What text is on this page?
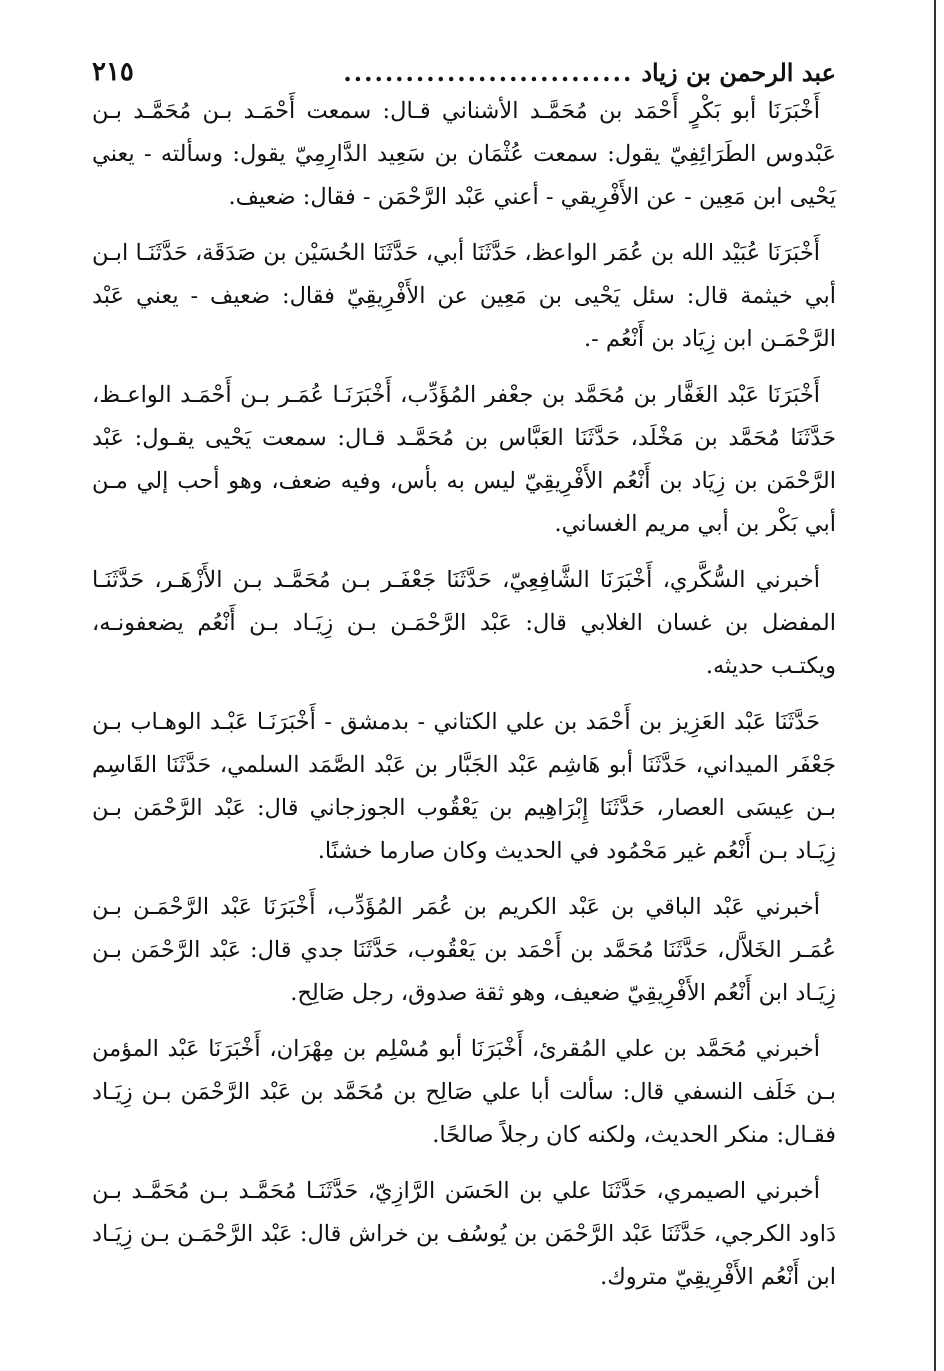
عبد الرحمن بن زياد
............................
٢١٥

أَخْبَرَنَا أبو بَكْرٍ أَحْمَد بن مُحَمَّـد الأشناني قـال: سمعت أَحْمَـد بـن مُحَمَّـد بـن عَبْدوس الطَرَائِفِيّ يقول: سمعت عُثْمَان بن سَعِيد الدَّارِمِيّ يقول: وسألته - يعني يَحْيى ابن مَعِين - عن الأَفْرِيقي - أعني عَبْد الرَّحْمَن - فقال: ضعيف.

أَخْبَرَنَا عُبَيْد الله بن عُمَر الواعظ، حَدَّثَنَا أبي، حَدَّثَنَا الحُسَيْن بن صَدَقَة، حَدَّثَنَـا ابـن أبي خيثمة قال: سئل يَحْيى بن مَعِين عن الأَفْرِيقِيّ فقال: ضعيف - يعني عَبْد الرَّحْمَـن ابن زِيَاد بن أَنْعُم -.

أَخْبَرَنَا عَبْد الغَفَّار بن مُحَمَّد بن جعْفر المُؤَدِّب، أَخْبَرَنَـا عُمَـر بـن أَحْمَـد الواعـظ، حَدَّثَنَا مُحَمَّد بن مَخْلَد، حَدَّثَنَا العَبَّاس بن مُحَمَّـد قـال: سمعت يَحْيى يقـول: عَبْد الرَّحْمَن بن زِيَاد بن أَنْعُم الأَفْرِيقِيّ ليس به بأس، وفيه ضعف، وهو أحب إلي مـن أبي بَكْر بن أبي مريم الغساني.

أخبرني السُّكَّري، أَخْبَرَنَا الشَّافِعِيّ، حَدَّثَنَا جَعْفَـر بـن مُحَمَّـد بـن الأَزْهَـر، حَدَّثَنَـا المفضل بن غسان الغلابي قال: عَبْد الرَّحْمَـن بـن زِيَـاد بـن أَنْعُم يضعفونـه، ويكتـب حديثه.

حَدَّثَنَا عَبْد العَزِيز بن أَحْمَد بن علي الكتاني - بدمشق - أَخْبَرَنَـا عَبْـد الوهـاب بـن جَعْفَر الميداني، حَدَّثَنَا أبو هَاشِم عَبْد الجَبَّار بن عَبْد الصَّمَد السلمي، حَدَّثَنَا القَاسِم بـن عِيسَى العصار، حَدَّثَنَا إِبْرَاهِيم بن يَعْقُوب الجوزجاني قال: عَبْد الرَّحْمَن بـن زِيَـاد بـن أَنْعُم غير مَحْمُود في الحديث وكان صارما خشنًا.

أخبرني عَبْد الباقي بن عَبْد الكريم بن عُمَر المُؤَدِّب، أَخْبَرَنَا عَبْد الرَّحْمَـن بـن عُمَـر الخَلاَّل، حَدَّثَنَا مُحَمَّد بن أَحْمَد بن يَعْقُوب، حَدَّثَنَا جدي قال: عَبْد الرَّحْمَن بـن زِيَـاد ابن أَنْعُم الأَفْرِيقِيّ ضعيف، وهو ثقة صدوق، رجل صَالِح.

أخبرني مُحَمَّد بن علي المُقرئ، أَخْبَرَنَا أبو مُسْلِم بن مِهْرَان، أَخْبَرَنَا عَبْد المؤمن بـن خَلَف النسفي قال: سألت أبا علي صَالِح بن مُحَمَّد بن عَبْد الرَّحْمَن بـن زِيَـاد فقـال: منكر الحديث، ولكنه كان رجلاً صالحًا.

أخبرني الصيمري، حَدَّثَنَا علي بن الحَسَن الرَّازِيّ، حَدَّثَنَـا مُحَمَّـد بـن مُحَمَّـد بـن دَاود الكرجي، حَدَّثَنَا عَبْد الرَّحْمَن بن يُوسُف بن خراش قال: عَبْد الرَّحْمَـن بـن زِيَـاد ابن أَنْعُم الأَفْرِيقِيّ متروك.
